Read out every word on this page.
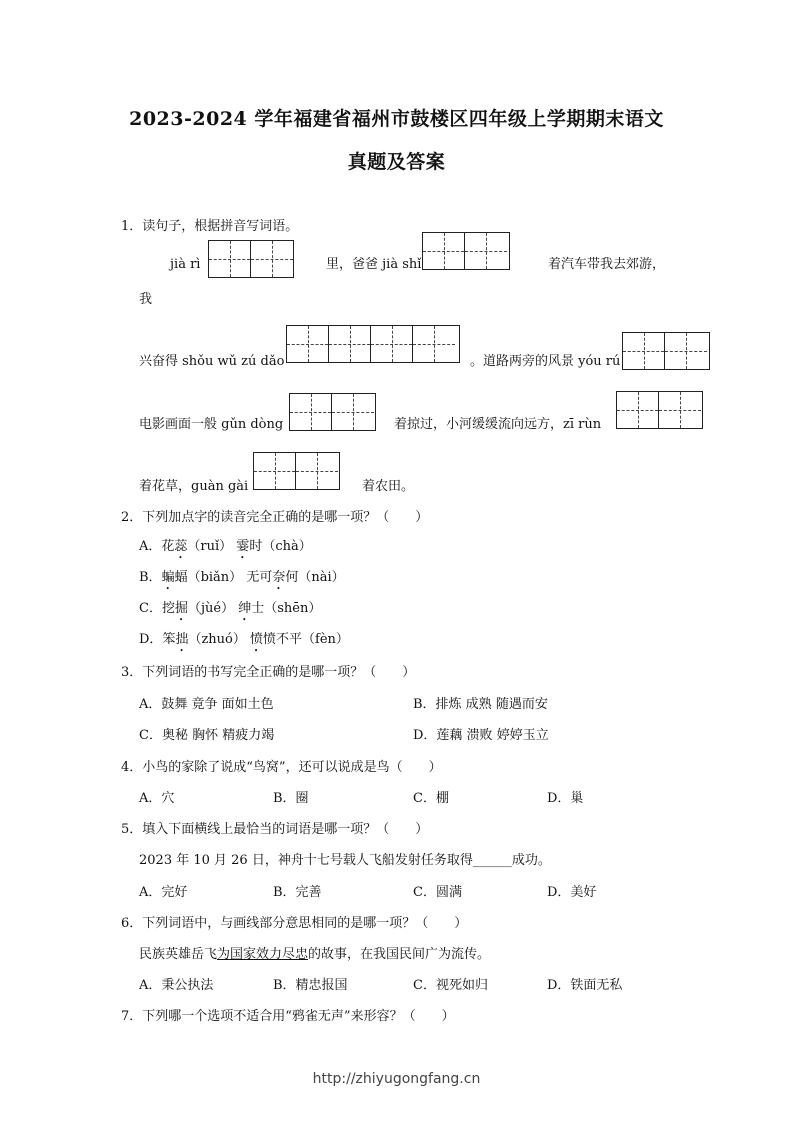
2023-2024 学年福建省福州市鼓楼区四年级上学期期末语文
真题及答案
1．读句子，根据拼音写词语。
jià rì	里，爸爸 jià shǐ	着汽车带我去郊游，
我
兴奋得 shǒu wǔ zú dǎo	。道路两旁的风景 yóu rú
电影画面一般 gǔn dòng	着掠过，小河缓缓流向远方，zī rùn
着花草，guàn gài	着农田。
2．下列加点字的读音完全正确的是哪一项？（　　）
A．花蕊（ruǐ） 霎时（chà）
B．蝙蝠（biǎn） 无可奈何（nài）
C．挖掘（jùé） 绅士（shēn）
D．笨拙（zhuó） 愤愤不平（fèn）
3．下列词语的书写完全正确的是哪一项？（　　）
A．鼓舞 竟争 面如土色	B．排炼 成熟 随遇而安
C．奥秘 胸怀 精疲力竭	D．莲藕 溃败 婷婷玉立
4．小鸟的家除了说成“鸟窝”，还可以说成是鸟（　　）
A．穴	B．圈	C．棚	D．巢
5．填入下面横线上最恰当的词语是哪一项？（　　）
2023 年 10 月 26 日，神舟十七号载人飞船发射任务取得______成功。
A．完好	B．完善	C．圆满	D．美好
6．下列词语中，与画线部分意思相同的是哪一项？（　　）
民族英雄岳飞为国家效力尽忠的故事，在我国民间广为流传。
A．秉公执法	B．精忠报国	C．视死如归	D．铁面无私
7．下列哪一个选项不适合用“鸦雀无声”来形容？（　　）
http://zhiyugongfang.cn
